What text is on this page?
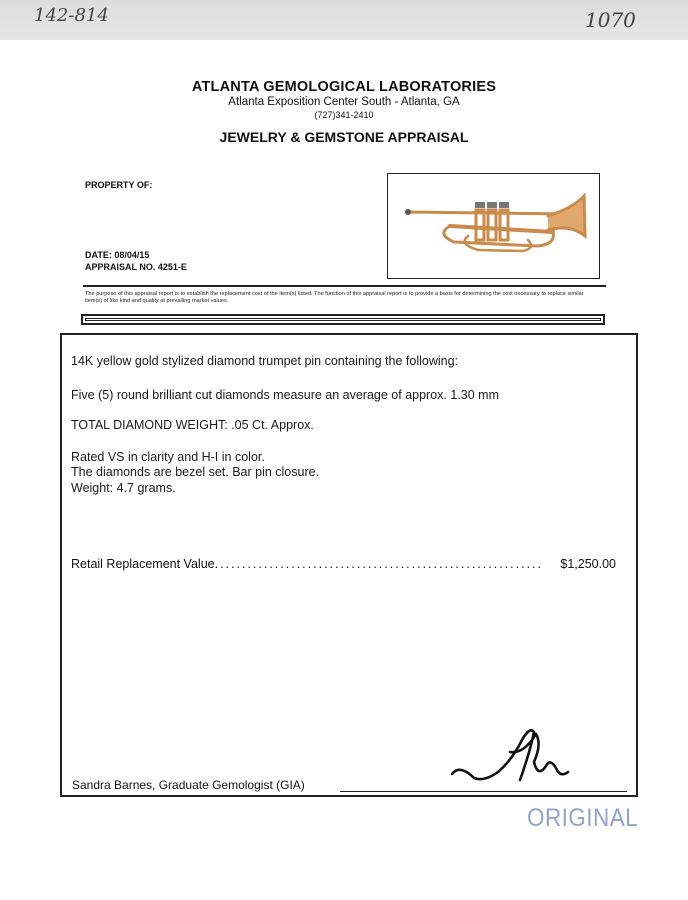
142-814	1070
ATLANTA GEMOLOGICAL LABORATORIES
Atlanta Exposition Center South - Atlanta, GA
(727)341-2410
JEWELRY & GEMSTONE APPRAISAL
PROPERTY OF:
DATE: 08/04/15
APPRAISAL NO. 4251-E
The purpose of this appraisal report is to establish the replacement cost of the item(s) listed. The function of this appraisal report is to provide a basis for determining the cost necessary to replace similar item(s) of like kind and quality at prevailing market values.
14K yellow gold stylized diamond trumpet pin containing the following:
Five (5) round brilliant cut diamonds measure an average of approx. 1.30 mm
TOTAL DIAMOND WEIGHT: .05 Ct. Approx.
Rated VS in clarity and H-I in color.
The diamonds are bezel set. Bar pin closure.
Weight: 4.7 grams.
Retail Replacement Value ............................................................	$1,250.00
Sandra Barnes, Graduate Gemologist (GIA)
ORIGINAL
